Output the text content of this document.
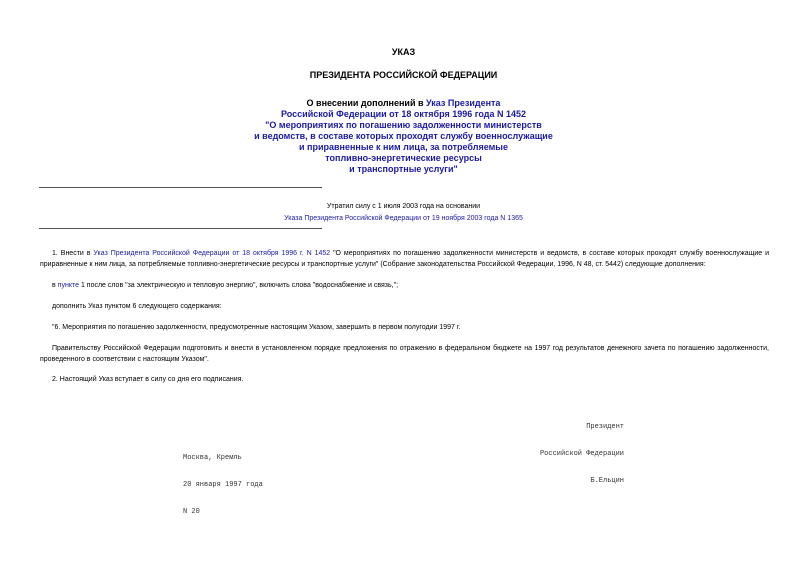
УКАЗ
ПРЕЗИДЕНТА РОССИЙСКОЙ ФЕДЕРАЦИИ
О внесении дополнений в Указ Президента
Российской Федерации от 18 октября 1996 года N 1452
"О мероприятиях по погашению задолженности министерств
и ведомств, в составе которых проходят службу военнослужащие
и приравненные к ним лица, за потребляемые
топливно-энергетические ресурсы
и транспортные услуги"
Утратил силу с 1 июля 2003 года на основании
Указа Президента Российской Федерации от 19 ноября 2003 года N 1365

1. Внести в Указ Президента Российской Федерации от 18 октября 1996 г. N 1452 "О мероприятиях по погашению задолженности министерств и ведомств, в составе которых проходят службу военнослужащие и приравненные к ним лица, за потребляемые топливно-энергетические ресурсы и транспортные услуги" (Собрание законодательства Российской Федерации, 1996, N 48, ст. 5442) следующие дополнения:

в пункте 1 после слов "за электрическую и тепловую энергию", включить слова "водоснабжение и связь,";

дополнить Указ пунктом 6 следующего содержания:

"6. Мероприятия по погашению задолженности, предусмотренные настоящим Указом, завершить в первом полугодии 1997 г.

Правительству Российской Федерации подготовить и внести в установленном порядке предложения по отражению в федеральном бюджете на 1997 год результатов денежного зачета по погашению задолженности, проведенного в соответствии с настоящим Указом".

2. Настоящий Указ вступает в силу со дня его подписания.

Президент

Российской Федерации

Б.Ельцин

Москва, Кремль

20 января 1997 года

N 20
